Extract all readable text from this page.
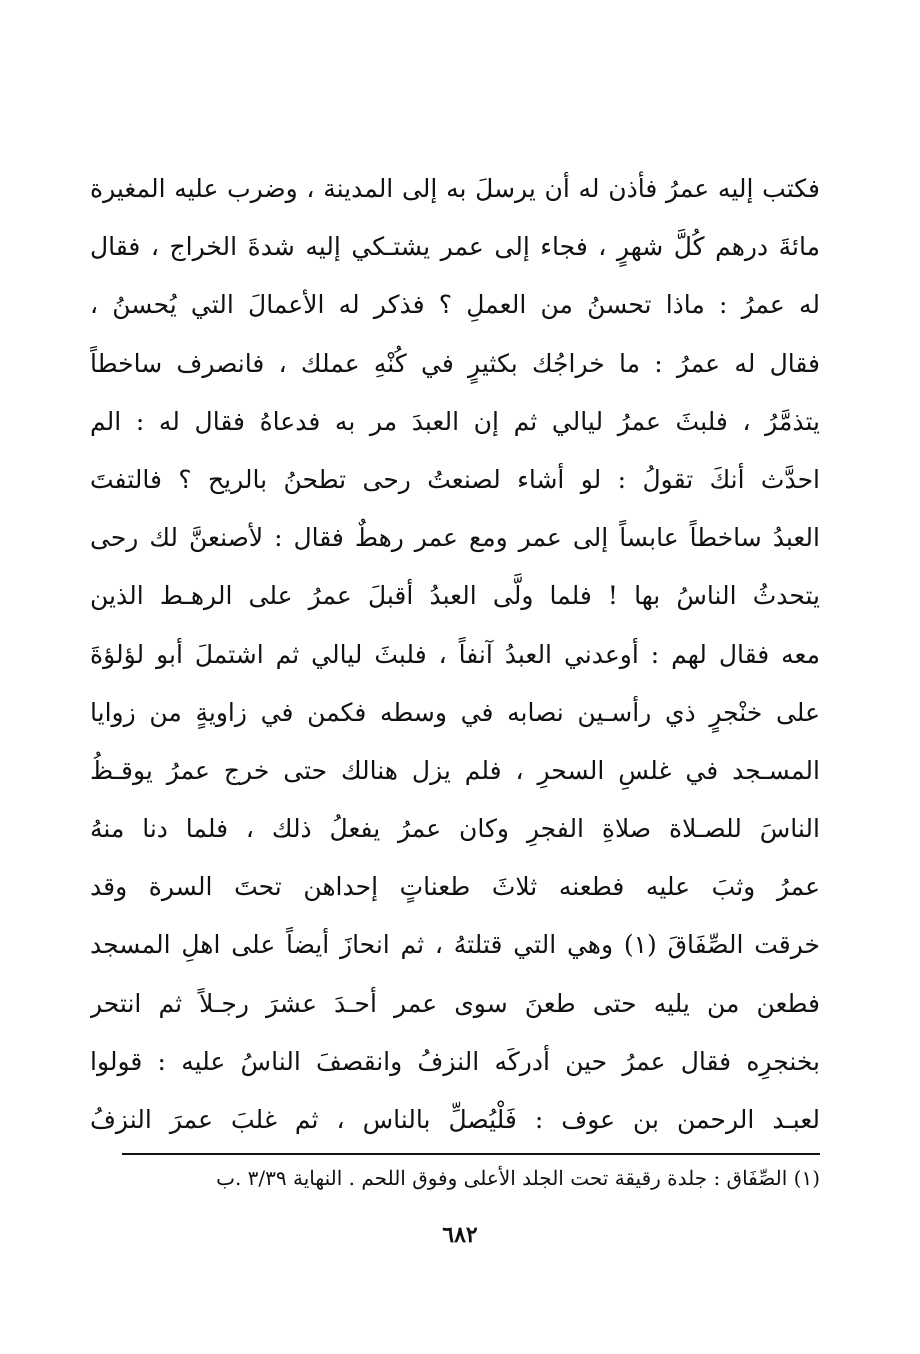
فكتب إليه عمرُ فأذن له أن يرسلَ به إلى المدينة ، وضرب عليه المغيرة
مائةَ درهم كُلَّ شهرٍ ، فجاء إلى عمر يشتـكي إليه شدةَ الخراج ، فقال
له عمرُ : ماذا تحسنُ من العملِ ؟ فذكر له الأعمالَ التي يُحسنُ ،
فقال له عمرُ : ما خراجُك بكثيرٍ في كُنْهِ عملك ، فانصرف ساخطاً
يتذمَّرُ ، فلبثَ عمرُ ليالي ثم إن العبدَ مر به فدعاهُ فقال له : الم
احدَّث أنكَ تقولُ : لو أشاء لصنعتُ رحى تطحنُ بالريح ؟ فالتفتَ
العبدُ ساخطاً عابساً إلى عمر ومع عمر رهطٌ فقال : لأصنعنَّ لك رحى
يتحدثُ الناسُ بها ! فلما ولَّى العبدُ أقبلَ عمرُ على الرهـط الذين
معه فقال لهم : أوعدني العبدُ آنفاً ، فلبثَ ليالي ثم اشتملَ أبو لؤلؤةَ
على خنْجرٍ ذي رأسـين نصابه في وسطه فكمن في زاويةٍ من زوايا
المسـجد في غلسِ السحرِ ، فلم يزل هنالك حتى خرج عمرُ يوقـظُ
الناسَ للصـلاة صلاةِ الفجرِ وكان عمرُ يفعلُ ذلك ، فلما دنا منهُ
عمرُ وثبَ عليه فطعنه ثلاثَ طعناتٍ إحداهن تحتَ السرة وقد
خرقت الصِّفَاقَ (١) وهي التي قتلتهُ ، ثم انحازَ أيضاً على اهلِ المسجد
فطعن من يليه حتى طعنَ سوى عمر أحـدَ عشرَ رجـلاً ثم انتحر
بخنجرِه فقال عمرُ حين أدركَه النزفُ وانقصفَ الناسُ عليه : قولوا
لعبـد الرحمن بن عوف : فَلْيُصلِّ بالناس ، ثم غلبَ عمرَ النزفُ
(١) الصِّفَاق : جلدة رقيقة تحت الجلد الأعلى وفوق اللحم . النهاية ٣/٣٩ .ب
٦٨٢
